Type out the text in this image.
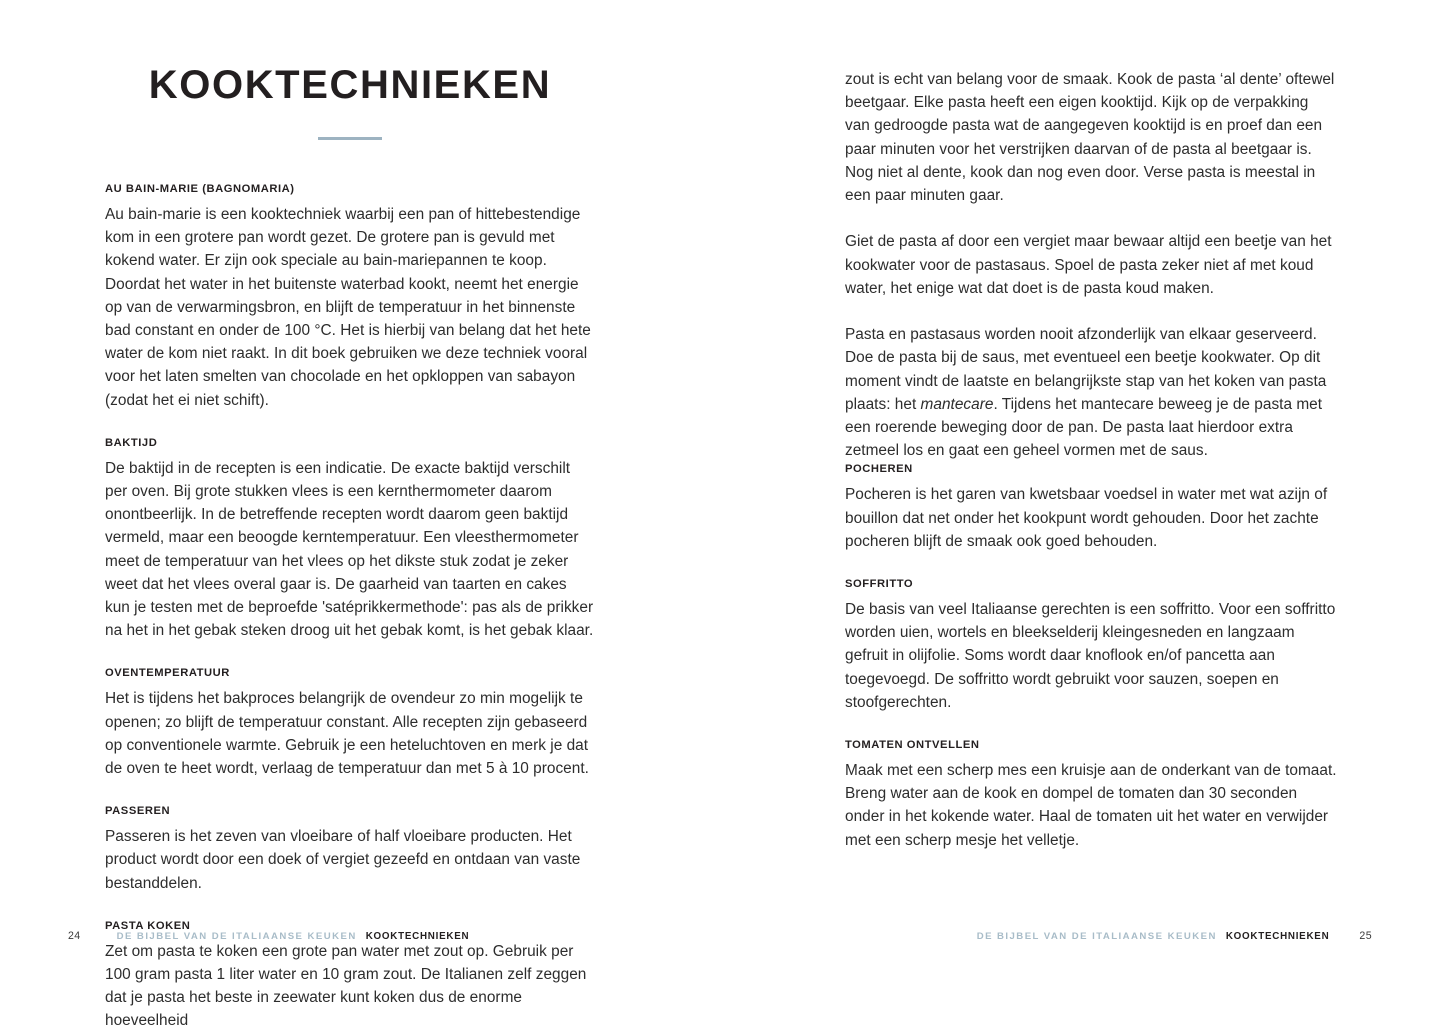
KOOKTECHNIEKEN
AU BAIN-MARIE (BAGNOMARIA)

Au bain-marie is een kooktechniek waarbij een pan of hittebestendige kom in een grotere pan wordt gezet. De grotere pan is gevuld met kokend water. Er zijn ook speciale au bain-mariepannen te koop. Doordat het water in het buitenste waterbad kookt, neemt het energie op van de verwarmingsbron, en blijft de temperatuur in het binnenste bad constant en onder de 100 °C. Het is hierbij van belang dat het hete water de kom niet raakt. In dit boek gebruiken we deze techniek vooral voor het laten smelten van chocolade en het opkloppen van sabayon (zodat het ei niet schift).

BAKTIJD

De baktijd in de recepten is een indicatie. De exacte baktijd verschilt per oven. Bij grote stukken vlees is een kernthermometer daarom onontbeerlijk. In de betreffende recepten wordt daarom geen baktijd vermeld, maar een beoogde kerntemperatuur. Een vleesthermometer meet de temperatuur van het vlees op het dikste stuk zodat je zeker weet dat het vlees overal gaar is. De gaarheid van taarten en cakes kun je testen met de beproefde 'satéprikkermethode': pas als de prikker na het in het gebak steken droog uit het gebak komt, is het gebak klaar.

OVENTEMPERATUUR

Het is tijdens het bakproces belangrijk de ovendeur zo min mogelijk te openen; zo blijft de temperatuur constant. Alle recepten zijn gebaseerd op conventionele warmte. Gebruik je een heteluchtoven en merk je dat de oven te heet wordt, verlaag de temperatuur dan met 5 à 10 procent.

PASSEREN

Passeren is het zeven van vloeibare of half vloeibare producten. Het product wordt door een doek of vergiet gezeefd en ontdaan van vaste bestanddelen.

PASTA KOKEN

Zet om pasta te koken een grote pan water met zout op. Gebruik per 100 gram pasta 1 liter water en 10 gram zout. De Italianen zelf zeggen dat je pasta het beste in zeewater kunt koken dus de enorme hoeveelheid

zout is echt van belang voor de smaak. Kook de pasta ‘al dente’ oftewel beetgaar. Elke pasta heeft een eigen kooktijd. Kijk op de verpakking van gedroogde pasta wat de aangegeven kooktijd is en proef dan een paar minuten voor het verstrijken daarvan of de pasta al beetgaar is. Nog niet al dente, kook dan nog even door. Verse pasta is meestal in een paar minuten gaar.

Giet de pasta af door een vergiet maar bewaar altijd een beetje van het kookwater voor de pastasaus. Spoel de pasta zeker niet af met koud water, het enige wat dat doet is de pasta koud maken.

Pasta en pastasaus worden nooit afzonderlijk van elkaar geserveerd. Doe de pasta bij de saus, met eventueel een beetje kookwater. Op dit moment vindt de laatste en belangrijkste stap van het koken van pasta plaats: het mantecare. Tijdens het mantecare beweeg je de pasta met een roerende beweging door de pan. De pasta laat hierdoor extra zetmeel los en gaat een geheel vormen met de saus.

POCHEREN

Pocheren is het garen van kwetsbaar voedsel in water met wat azijn of bouillon dat net onder het kookpunt wordt gehouden. Door het zachte pocheren blijft de smaak ook goed behouden.

SOFFRITTO

De basis van veel Italiaanse gerechten is een soffritto. Voor een soffritto worden uien, wortels en bleekselderij kleingesneden en langzaam gefruit in olijfolie. Soms wordt daar knoflook en/of pancetta aan toegevoegd. De soffritto wordt gebruikt voor sauzen, soepen en stoofgerechten.

TOMATEN ONTVELLEN

Maak met een scherp mes een kruisje aan de onderkant van de tomaat. Breng water aan de kook en dompel de tomaten dan 30 seconden onder in het kokende water. Haal de tomaten uit het water en verwijder met een scherp mesje het velletje.

24	DE BIJBEL VAN DE ITALIAANSE KEUKEN KOOKTECHNIEKEN	DE BIJBEL VAN DE ITALIAANSE KEUKEN KOOKTECHNIEKEN	25
